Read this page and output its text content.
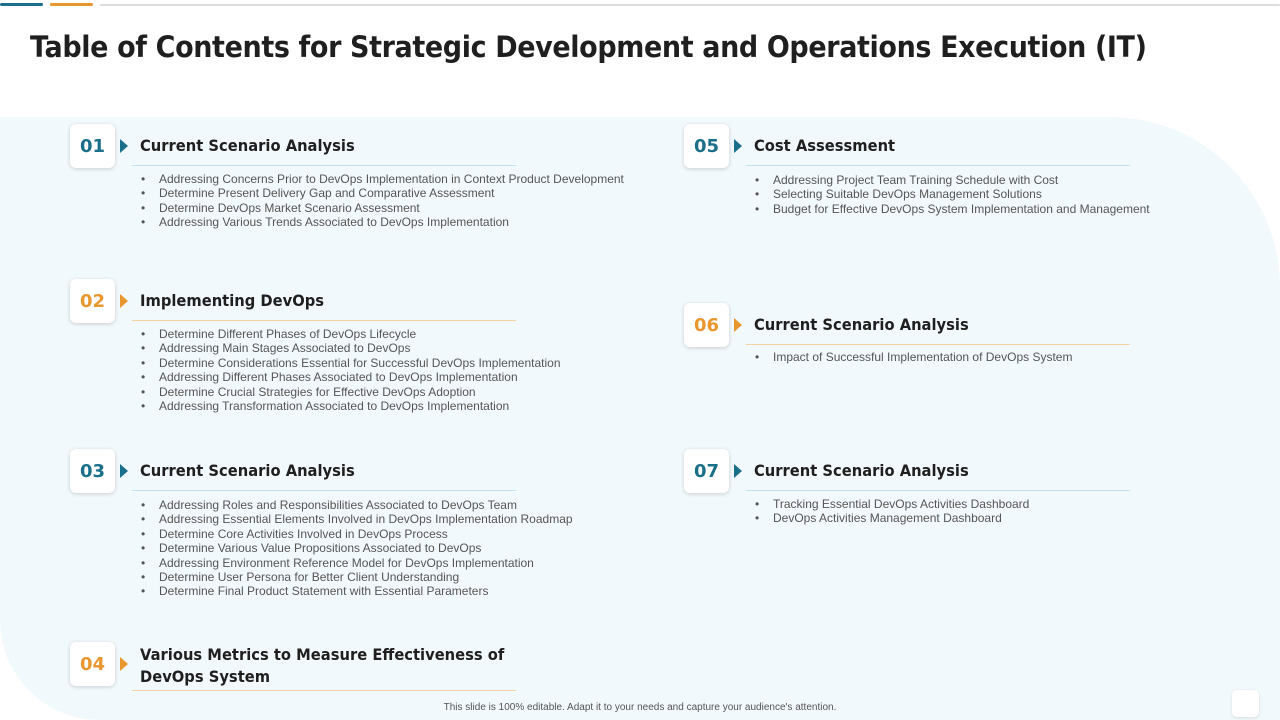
Table of Contents for Strategic Development and Operations Execution (IT)
01	Current Scenario Analysis
• Addressing Concerns Prior to DevOps Implementation in Context Product Development
• Determine Present Delivery Gap and Comparative Assessment
• Determine DevOps Market Scenario Assessment
• Addressing Various Trends Associated to DevOps Implementation
02	Implementing DevOps
• Determine Different Phases of DevOps Lifecycle
• Addressing Main Stages Associated to DevOps
• Determine Considerations Essential for Successful DevOps Implementation
• Addressing Different Phases Associated to DevOps Implementation
• Determine Crucial Strategies for Effective DevOps Adoption
• Addressing Transformation Associated to DevOps Implementation
03	Current Scenario Analysis
• Addressing Roles and Responsibilities Associated to DevOps Team
• Addressing Essential Elements Involved in DevOps Implementation Roadmap
• Determine Core Activities Involved in DevOps Process
• Determine Various Value Propositions Associated to DevOps
• Addressing Environment Reference Model for DevOps Implementation
• Determine User Persona for Better Client Understanding
• Determine Final Product Statement with Essential Parameters
04	Various Metrics to Measure Effectiveness of DevOps System
05	Cost Assessment
• Addressing Project Team Training Schedule with Cost
• Selecting Suitable DevOps Management Solutions
• Budget for Effective DevOps System Implementation and Management
06	Current Scenario Analysis
• Impact of Successful Implementation of DevOps System
07	Current Scenario Analysis
• Tracking Essential DevOps Activities Dashboard
• DevOps Activities Management Dashboard
This slide is 100% editable. Adapt it to your needs and capture your audience's attention.
